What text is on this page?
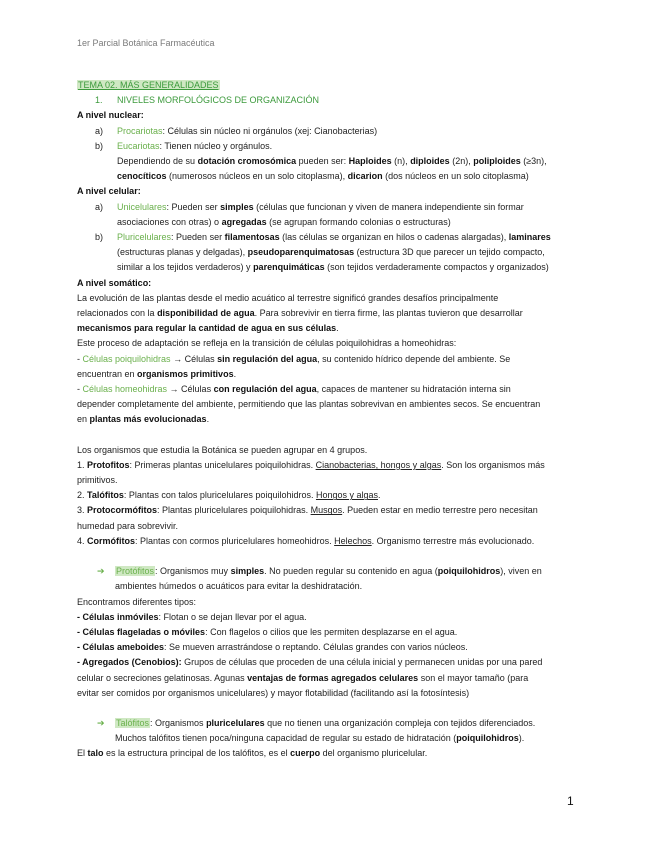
1er Parcial Botánica Farmacéutica
TEMA 02. MÁS GENERALIDADES
1. NIVELES MORFOLÓGICOS DE ORGANIZACIÓN
A nivel nuclear:
a) Procariotas: Células sin núcleo ni orgánulos (xej: Cianobacterias)
b) Eucariotas: Tienen núcleo y orgánulos.
Dependiendo de su dotación cromosómica pueden ser: Haploides (n), diploides (2n), poliploides (≥3n),
cenocíticos (numerosos núcleos en un solo citoplasma), dicarion (dos núcleos en un solo citoplasma)
A nivel celular:
a) Unicelulares: Pueden ser simples (células que funcionan y viven de manera independiente sin formar
asociaciones con otras) o agregadas (se agrupan formando colonias o estructuras)
b) Pluricelulares: Pueden ser filamentosas (las células se organizan en hilos o cadenas alargadas), laminares
(estructuras planas y delgadas), pseudoparenquimatosas (estructura 3D que parecer un tejido compacto,
similar a los tejidos verdaderos) y parenquimáticas (son tejidos verdaderamente compactos y organizados)
A nivel somático:
La evolución de las plantas desde el medio acuático al terrestre significó grandes desafíos principalmente
relacionados con la disponibilidad de agua. Para sobrevivir en tierra firme, las plantas tuvieron que desarrollar
mecanismos para regular la cantidad de agua en sus células.
Este proceso de adaptación se refleja en la transición de células poiquilohidras a homeohidras:
- Células poiquilohidras → Células sin regulación del agua, su contenido hídrico depende del ambiente. Se
encuentran en organismos primitivos.
- Células homeohidras → Células con regulación del agua, capaces de mantener su hidratación interna sin
depender completamente del ambiente, permitiendo que las plantas sobrevivan en ambientes secos. Se encuentran
en plantas más evolucionadas.
Los organismos que estudia la Botánica se pueden agrupar en 4 grupos.
1. Protofitos: Primeras plantas unicelulares poiquilohidras. Cianobacterias, hongos y algas. Son los organismos más
primitivos.
2. Talófitos: Plantas con talos pluricelulares poiquilohidros. Hongos y algas.
3. Protocormófitos: Plantas pluricelulares poiquilohidras. Musgos. Pueden estar en medio terrestre pero necesitan
humedad para sobrevivir.
4. Cormófitos: Plantas con cormos pluricelulares homeohidros. Helechos. Organismo terrestre más evolucionado.
➔ Protófitos: Organismos muy simples. No pueden regular su contenido en agua (poiquilohidros), viven en
ambientes húmedos o acuáticos para evitar la deshidratación.
Encontramos diferentes tipos:
- Células inmóviles: Flotan o se dejan llevar por el agua.
- Células flageladas o móviles: Con flagelos o cilios que les permiten desplazarse en el agua.
- Células ameboides: Se mueven arrastrándose o reptando. Células grandes con varios núcleos.
- Agregados (Cenobios): Grupos de células que proceden de una célula inicial y permanecen unidas por una pared
celular o secreciones gelatinosas. Agunas ventajas de formas agregados celulares son el mayor tamaño (para
evitar ser comidos por organismos unicelulares) y mayor flotabilidad (facilitando así la fotosíntesis)
➔ Talófitos: Organismos pluricelulares que no tienen una organización compleja con tejidos diferenciados.
Muchos talófitos tienen poca/ninguna capacidad de regular su estado de hidratación (poiquilohidros).
El talo es la estructura principal de los talófitos, es el cuerpo del organismo pluricelular.
1
